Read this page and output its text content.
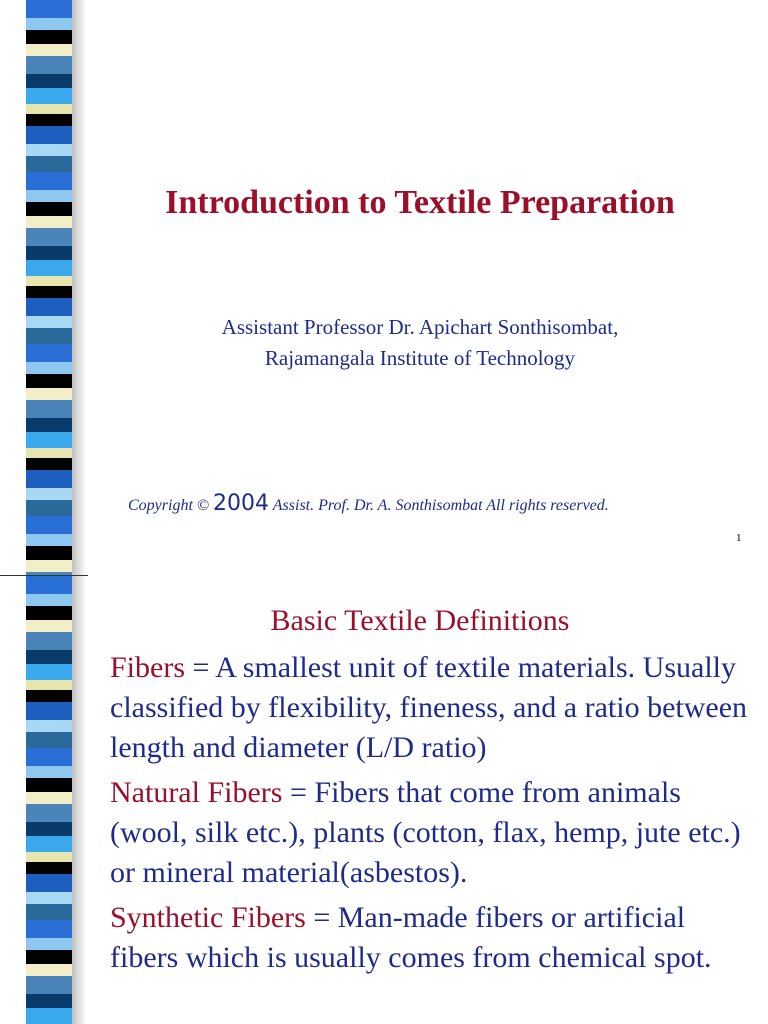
Introduction to Textile Preparation
Assistant Professor Dr. Apichart Sonthisombat,
Rajamangala Institute of Technology
Copyright © 2004 Assist. Prof. Dr. A. Sonthisombat All rights reserved.
1
Basic Textile Definitions

Fibers = A smallest unit of textile materials. Usually classified by flexibility, fineness, and a ratio between length and diameter (L/D ratio)

Natural Fibers = Fibers that come from animals (wool, silk etc.), plants (cotton, flax, hemp, jute etc.) or mineral material(asbestos).

Synthetic Fibers = Man-made fibers or artificial fibers which is usually comes from chemical spot.
